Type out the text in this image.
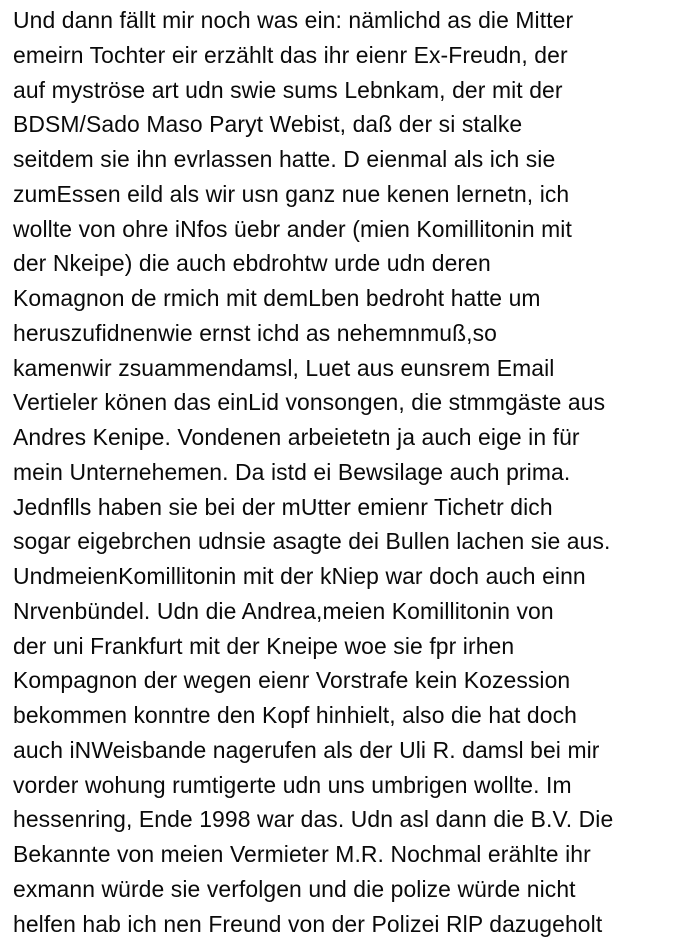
Und dann fällt mir noch was ein: nämlichd as die Mitter
emeirn Tochter eir erzählt das ihr eienr Ex-Freudn, der
auf myströse art udn swie sums Lebnkam, der mit der
BDSM/Sado Maso Paryt Webist, daß der si stalke
seitdem sie ihn evrlassen hatte. D eienmal als ich sie
zumEssen eild als wir usn ganz nue kenen lernetn, ich
wollte von ohre iNfos üebr ander (mien Komillitonin mit
der Nkeipe) die auch ebdrohtw urde udn deren
Komagnon de rmich mit demLben bedroht hatte um
heruszufidnenwie ernst ichd as nehemnmuß,so
kamenwir zsuammendamsl, Luet aus eunsrem Email
Vertieler könen das einLid vonsongen, die stmmgäste aus
Andres Kenipe. Vondenen arbeietetn ja auch eige in für
mein Unternehemen. Da istd ei Bewsilage auch prima.
Jednflls haben sie bei der mUtter emienr Tichetr dich
sogar eigebrchen udnsie asagte dei Bullen lachen sie aus.
UndmeienKomillitonin mit der kNiep war doch auch einn
Nrvenbündel. Udn die Andrea,meien Komillitonin von
der uni Frankfurt mit der Kneipe woe sie fpr irhen
Kompagnon der wegen eienr Vorstrafe kein Kozession
bekommen konntre den Kopf hinhielt, also die hat doch
auch iNWeisbande nagerufen als der Uli R. damsl bei mir
vorder wohung rumtigerte udn uns umbrigen wollte. Im
hessenring, Ende 1998 war das. Udn asl dann die B.V. Die
Bekannte von meien Vermieter M.R. Nochmal erählte ihr
exmann würde sie verfolgen und die polize würde nicht
helfen hab ich nen Freund von der Polizei RlP dazugeholt
